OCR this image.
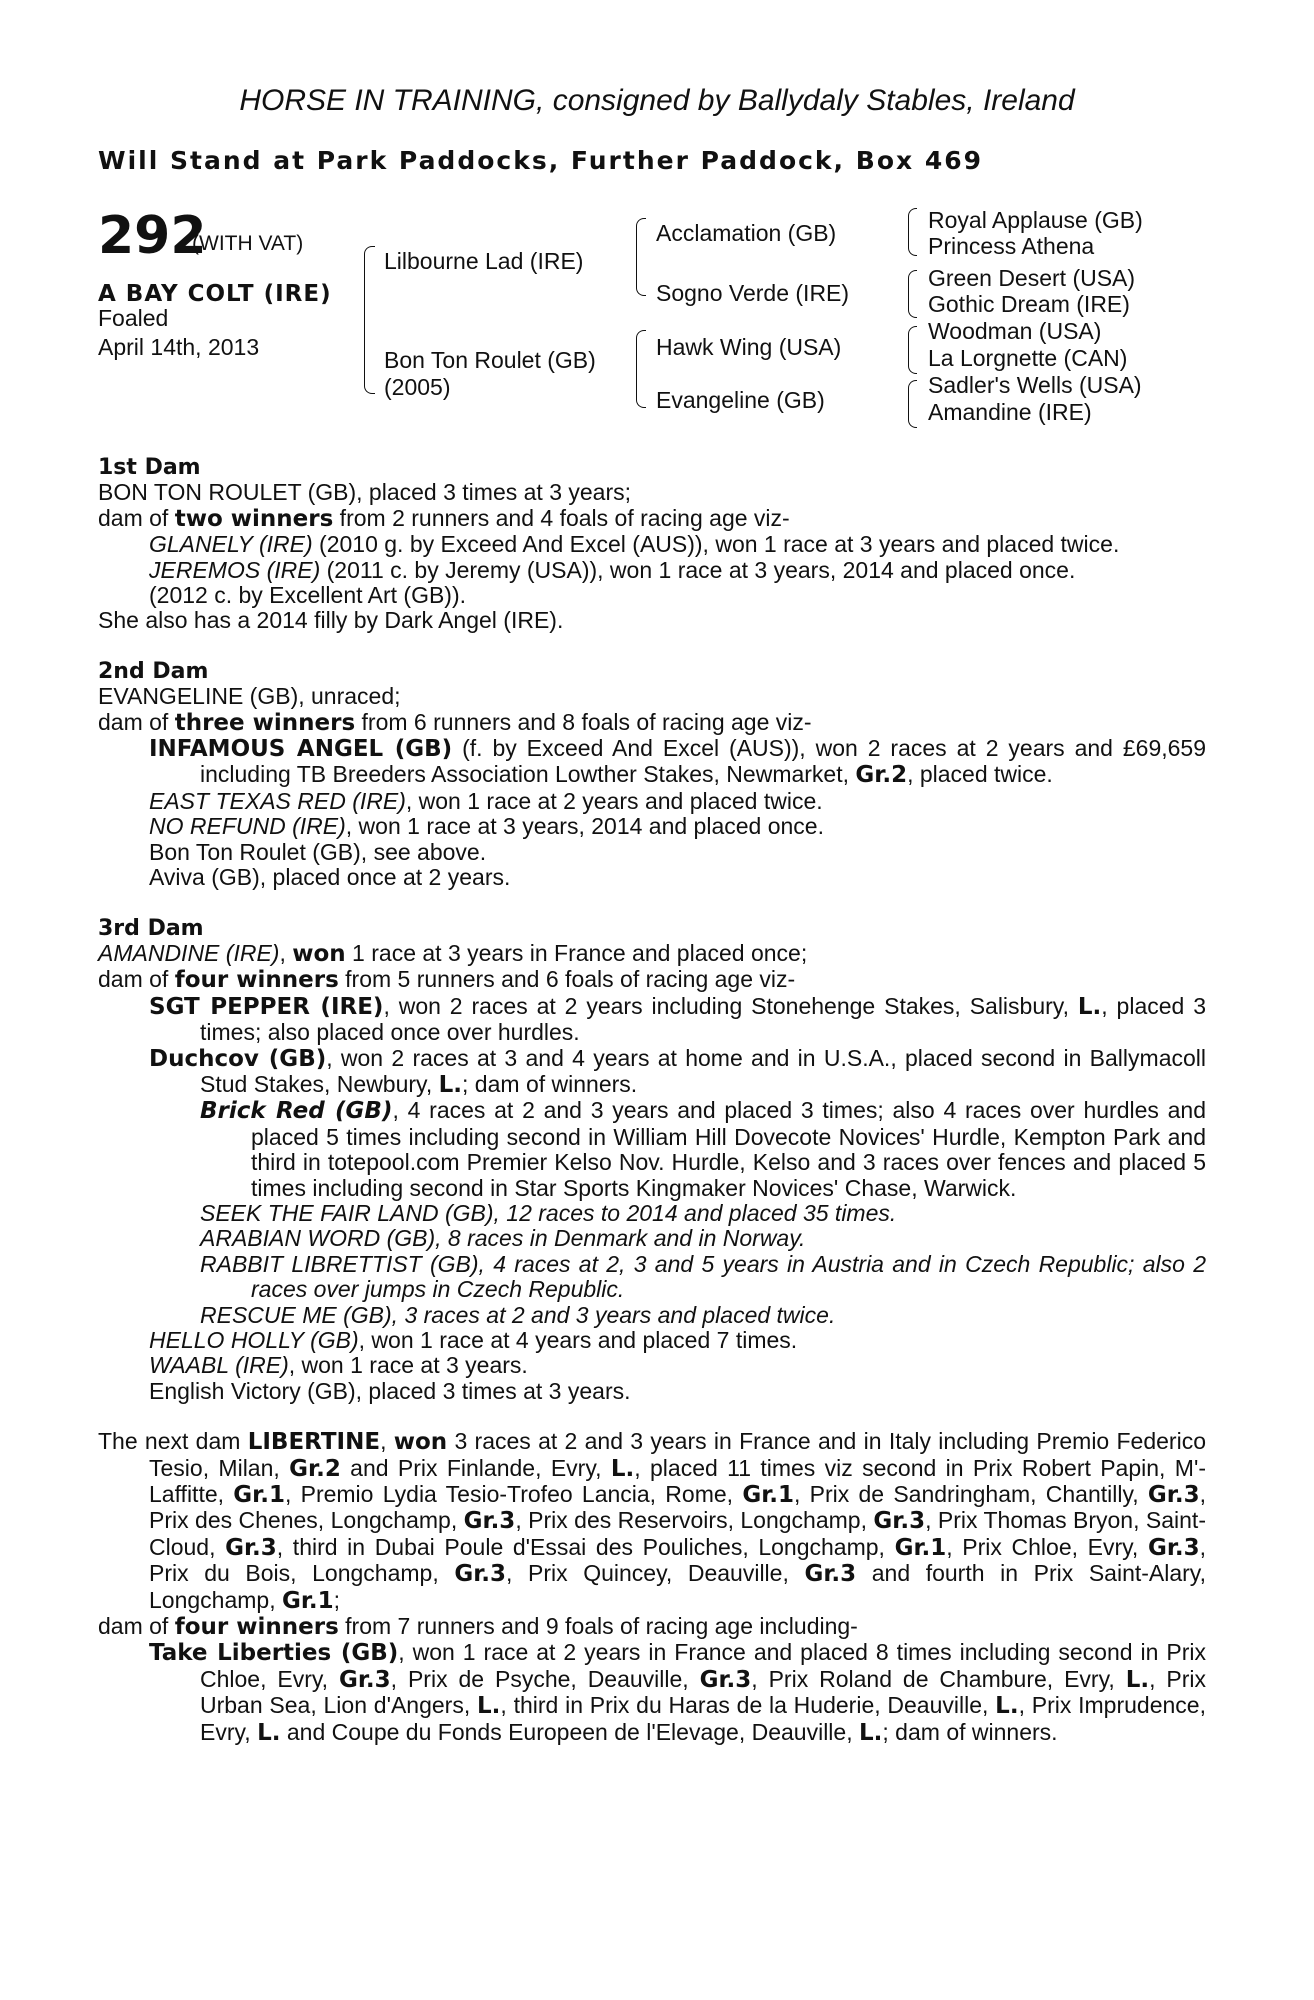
HORSE IN TRAINING, consigned by Ballydaly Stables, Ireland
Will Stand at Park Paddocks, Further Paddock, Box 469
292
(WITH VAT)
A BAY COLT (IRE)
Foaled
April 14th, 2013
Lilbourne Lad (IRE)
Bon Ton Roulet (GB)
(2005)
Acclamation (GB)
Sogno Verde (IRE)
Hawk Wing (USA)
Evangeline (GB)
Royal Applause (GB)
Princess Athena
Green Desert (USA)
Gothic Dream (IRE)
Woodman (USA)
La Lorgnette (CAN)
Sadler's Wells (USA)
Amandine (IRE)

1st Dam

BON TON ROULET (GB), placed 3 times at 3 years;

dam of two winners from 2 runners and 4 foals of racing age viz-

GLANELY (IRE) (2010 g. by Exceed And Excel (AUS)), won 1 race at 3 years and placed twice.

JEREMOS (IRE) (2011 c. by Jeremy (USA)), won 1 race at 3 years, 2014 and placed once.

(2012 c. by Excellent Art (GB)).

She also has a 2014 filly by Dark Angel (IRE).

2nd Dam

EVANGELINE (GB), unraced;

dam of three winners from 6 runners and 8 foals of racing age viz-

INFAMOUS ANGEL (GB) (f. by Exceed And Excel (AUS)), won 2 races at 2 years and £69,659 including TB Breeders Association Lowther Stakes, Newmarket, Gr.2, placed twice.

EAST TEXAS RED (IRE), won 1 race at 2 years and placed twice.

NO REFUND (IRE), won 1 race at 3 years, 2014 and placed once.

Bon Ton Roulet (GB), see above.

Aviva (GB), placed once at 2 years.

3rd Dam

AMANDINE (IRE), won 1 race at 3 years in France and placed once;

dam of four winners from 5 runners and 6 foals of racing age viz-

SGT PEPPER (IRE), won 2 races at 2 years including Stonehenge Stakes, Salisbury, L., placed 3 times; also placed once over hurdles.

Duchcov (GB), won 2 races at 3 and 4 years at home and in U.S.A., placed second in Ballymacoll Stud Stakes, Newbury, L.; dam of winners.

Brick Red (GB), 4 races at 2 and 3 years and placed 3 times; also 4 races over hurdles and placed 5 times including second in William Hill Dovecote Novices' Hurdle, Kempton Park and third in totepool.com Premier Kelso Nov. Hurdle, Kelso and 3 races over fences and placed 5 times including second in Star Sports Kingmaker Novices' Chase, Warwick.

SEEK THE FAIR LAND (GB), 12 races to 2014 and placed 35 times.

ARABIAN WORD (GB), 8 races in Denmark and in Norway.

RABBIT LIBRETTIST (GB), 4 races at 2, 3 and 5 years in Austria and in Czech Republic; also 2 races over jumps in Czech Republic.

RESCUE ME (GB), 3 races at 2 and 3 years and placed twice.

HELLO HOLLY (GB), won 1 race at 4 years and placed 7 times.

WAABL (IRE), won 1 race at 3 years.

English Victory (GB), placed 3 times at 3 years.

The next dam LIBERTINE, won 3 races at 2 and 3 years in France and in Italy including Premio Federico Tesio, Milan, Gr.2 and Prix Finlande, Evry, L., placed 11 times viz second in Prix Robert Papin, M'-Laffitte, Gr.1, Premio Lydia Tesio-Trofeo Lancia, Rome, Gr.1, Prix de Sandringham, Chantilly, Gr.3, Prix des Chenes, Longchamp, Gr.3, Prix des Reservoirs, Longchamp, Gr.3, Prix Thomas Bryon, Saint-Cloud, Gr.3, third in Dubai Poule d'Essai des Pouliches, Longchamp, Gr.1, Prix Chloe, Evry, Gr.3, Prix du Bois, Longchamp, Gr.3, Prix Quincey, Deauville, Gr.3 and fourth in Prix Saint-Alary, Longchamp, Gr.1;

dam of four winners from 7 runners and 9 foals of racing age including-

Take Liberties (GB), won 1 race at 2 years in France and placed 8 times including second in Prix Chloe, Evry, Gr.3, Prix de Psyche, Deauville, Gr.3, Prix Roland de Chambure, Evry, L., Prix Urban Sea, Lion d'Angers, L., third in Prix du Haras de la Huderie, Deauville, L., Prix Imprudence, Evry, L. and Coupe du Fonds Europeen de l'Elevage, Deauville, L.; dam of winners.
